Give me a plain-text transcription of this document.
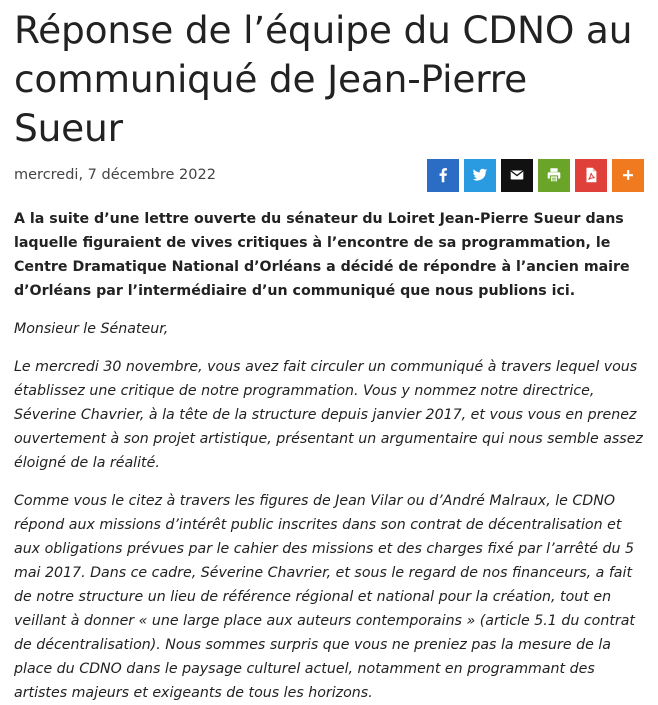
Réponse de l’équipe du CDNO au
communiqué de Jean-Pierre Sueur
mercredi, 7 décembre 2022

A la suite d’une lettre ouverte du sénateur du Loiret Jean-Pierre Sueur dans laquelle figuraient de vives critiques à l’encontre de sa programmation, le Centre Dramatique National d’Orléans a décidé de répondre à l’ancien maire d’Orléans par l’intermédiaire d’un communiqué que nous publions ici.

Monsieur le Sénateur,

Le mercredi 30 novembre, vous avez fait circuler un communiqué à travers lequel vous établissez une critique de notre programmation. Vous y nommez notre directrice, Séverine Chavrier, à la tête de la structure depuis janvier 2017, et vous vous en prenez ouvertement à son projet artistique, présentant un argumentaire qui nous semble assez éloigné de la réalité.

Comme vous le citez à travers les figures de Jean Vilar ou d’André Malraux, le CDNO répond aux missions d’intérêt public inscrites dans son contrat de décentralisation et aux obligations prévues par le cahier des missions et des charges fixé par l’arrêté du 5 mai 2017. Dans ce cadre, Séverine Chavrier, et sous le regard de nos financeurs, a fait de notre structure un lieu de référence régional et national pour la création, tout en veillant à donner « une large place aux auteurs contemporains » (article 5.1 du contrat de décentralisation). Nous sommes surpris que vous ne preniez pas la mesure de la place du CDNO dans le paysage culturel actuel, notamment en programmant des artistes majeurs et exigeants de tous les horizons.
